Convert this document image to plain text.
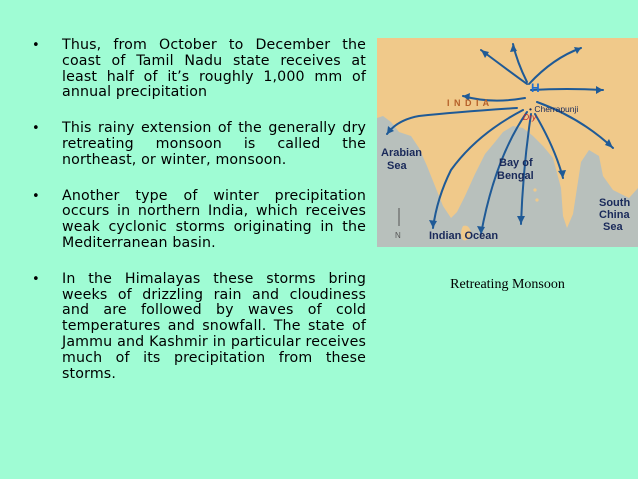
• Thus, from October to December the coast of Tamil Nadu state receives at least half of it’s roughly 1,000 mm of annual precipitation
• This rainy extension of the generally dry retreating monsoon is called the northeast, or winter, monsoon.
• Another type of winter precipitation occurs in northern India, which receives weak cyclonic storms originating in the Mediterranean basin.
• In the Himalayas these storms bring weeks of drizzling rain and cloudiness and are followed by waves of cold temperatures and snowfall. The state of Jammu and Kashmir in particular receives much of its precipitation from these storms.
N
I N D I A
H
• Cherrapunji
Dry
Arabian
Sea	Bay of
Bengal
Indian Ocean
South
China
Sea
Retreating Monsoon
